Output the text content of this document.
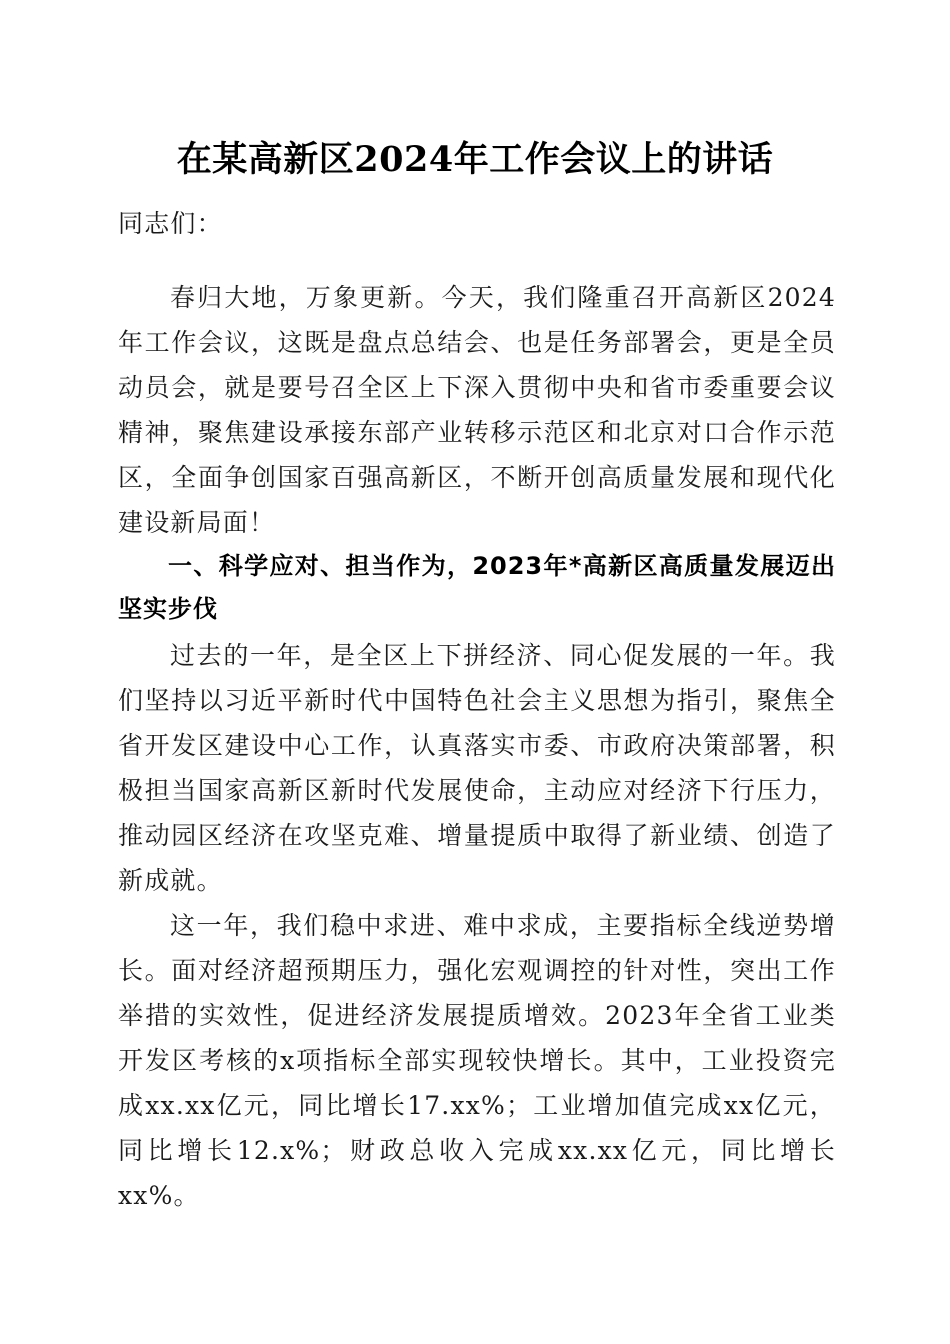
在某高新区2024年工作会议上的讲话
同志们：
春归大地，万象更新。今天，我们隆重召开高新区2024年工作会议，这既是盘点总结会、也是任务部署会，更是全员动员会，就是要号召全区上下深入贯彻中央和省市委重要会议精神，聚焦建设承接东部产业转移示范区和北京对口合作示范区，全面争创国家百强高新区，不断开创高质量发展和现代化建设新局面！
一、科学应对、担当作为，2023年*高新区高质量发展迈出坚实步伐
过去的一年，是全区上下拼经济、同心促发展的一年。我们坚持以习近平新时代中国特色社会主义思想为指引，聚焦全省开发区建设中心工作，认真落实市委、市政府决策部署，积极担当国家高新区新时代发展使命，主动应对经济下行压力，推动园区经济在攻坚克难、增量提质中取得了新业绩、创造了新成就。
这一年，我们稳中求进、难中求成，主要指标全线逆势增长。面对经济超预期压力，强化宏观调控的针对性，突出工作举措的实效性，促进经济发展提质增效。2023年全省工业类开发区考核的x项指标全部实现较快增长。其中，工业投资完成xx.xx亿元，同比增长17.xx%；工业增加值完成xx亿元，同比增长12.x%；财政总收入完成xx.xx亿元，同比增长xx%。
